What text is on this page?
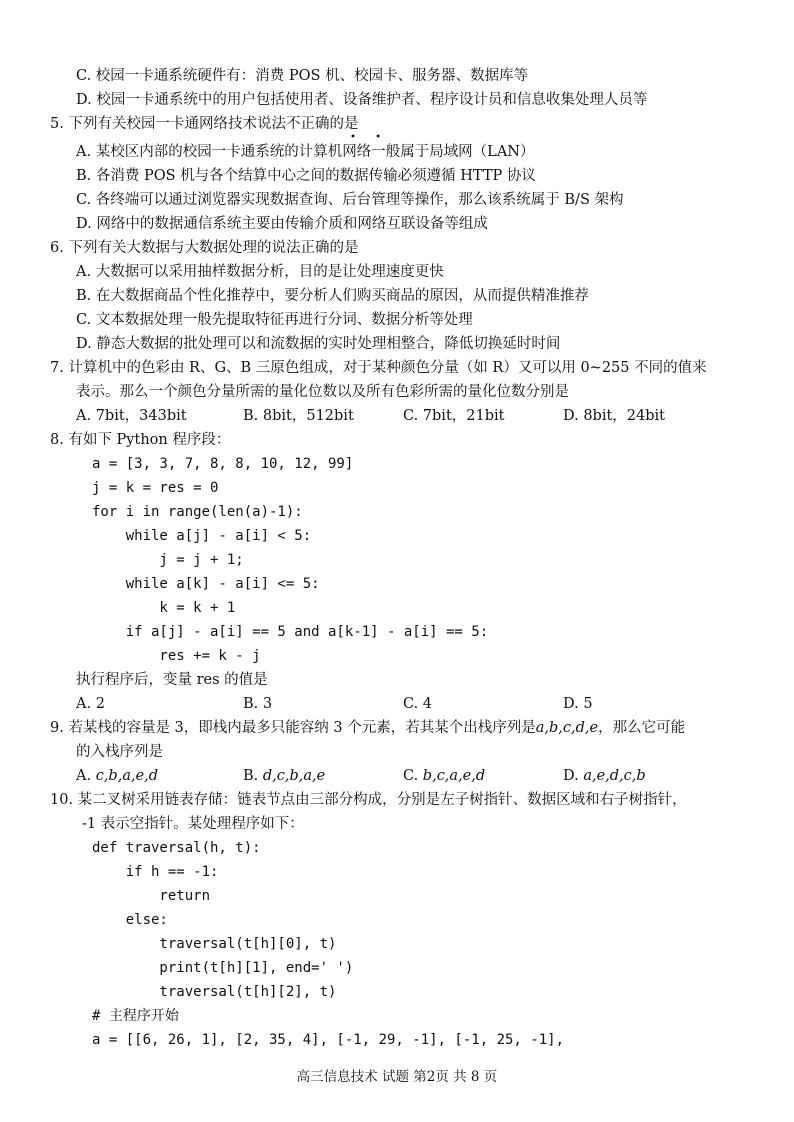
C. 校园一卡通系统硬件有：消费 POS 机、校园卡、服务器、数据库等
D. 校园一卡通系统中的用户包括使用者、设备维护者、程序设计员和信息收集处理人员等
5. 下列有关校园一卡通网络技术说法不正确的是
• •
A. 某校区内部的校园一卡通系统的计算机网络一般属于局域网（LAN）
B. 各消费 POS 机与各个结算中心之间的数据传输必须遵循 HTTP 协议
C. 各终端可以通过浏览器实现数据查询、后台管理等操作，那么该系统属于 B/S 架构
D. 网络中的数据通信系统主要由传输介质和网络互联设备等组成
6. 下列有关大数据与大数据处理的说法正确的是
A. 大数据可以采用抽样数据分析，目的是让处理速度更快
B. 在大数据商品个性化推荐中，要分析人们购买商品的原因，从而提供精准推荐
C. 文本数据处理一般先提取特征再进行分词、数据分析等处理
D. 静态大数据的批处理可以和流数据的实时处理相整合，降低切换延时时间
7. 计算机中的色彩由 R、G、B 三原色组成，对于某种颜色分量（如 R）又可以用 0~255 不同的值来
表示。那么一个颜色分量所需的量化位数以及所有色彩所需的量化位数分别是
A. 7bit，343bit	B. 8bit，512bit	C. 7bit，21bit	D. 8bit，24bit
8. 有如下 Python 程序段：
a = [3, 3, 7, 8, 8, 10, 12, 99]
j = k = res = 0
for i in range(len(a)-1):
while a[j] - a[i] < 5:
j = j + 1;
while a[k] - a[i] <= 5:
k = k + 1
if a[j] - a[i] == 5 and a[k-1] - a[i] == 5:
res += k - j
执行程序后，变量 res 的值是
A. 2	B. 3	C. 4	D. 5
9. 若某栈的容量是 3，即栈内最多只能容纳 3 个元素，若其某个出栈序列是a,b,c,d,e，那么它可能
的入栈序列是
A. c,b,a,e,d	B. d,c,b,a,e	C. b,c,a,e,d	D. a,e,d,c,b
10. 某二叉树采用链表存储：链表节点由三部分构成，分别是左子树指针、数据区域和右子树指针，
-1 表示空指针。某处理程序如下：
def traversal(h, t):
if h == -1:
return
else:
traversal(t[h][0], t)
print(t[h][1], end=' ')
traversal(t[h][2], t)
# 主程序开始
a = [[6, 26, 1], [2, 35, 4], [-1, 29, -1], [-1, 25, -1],
高三信息技术 试题 第2页 共 8 页
